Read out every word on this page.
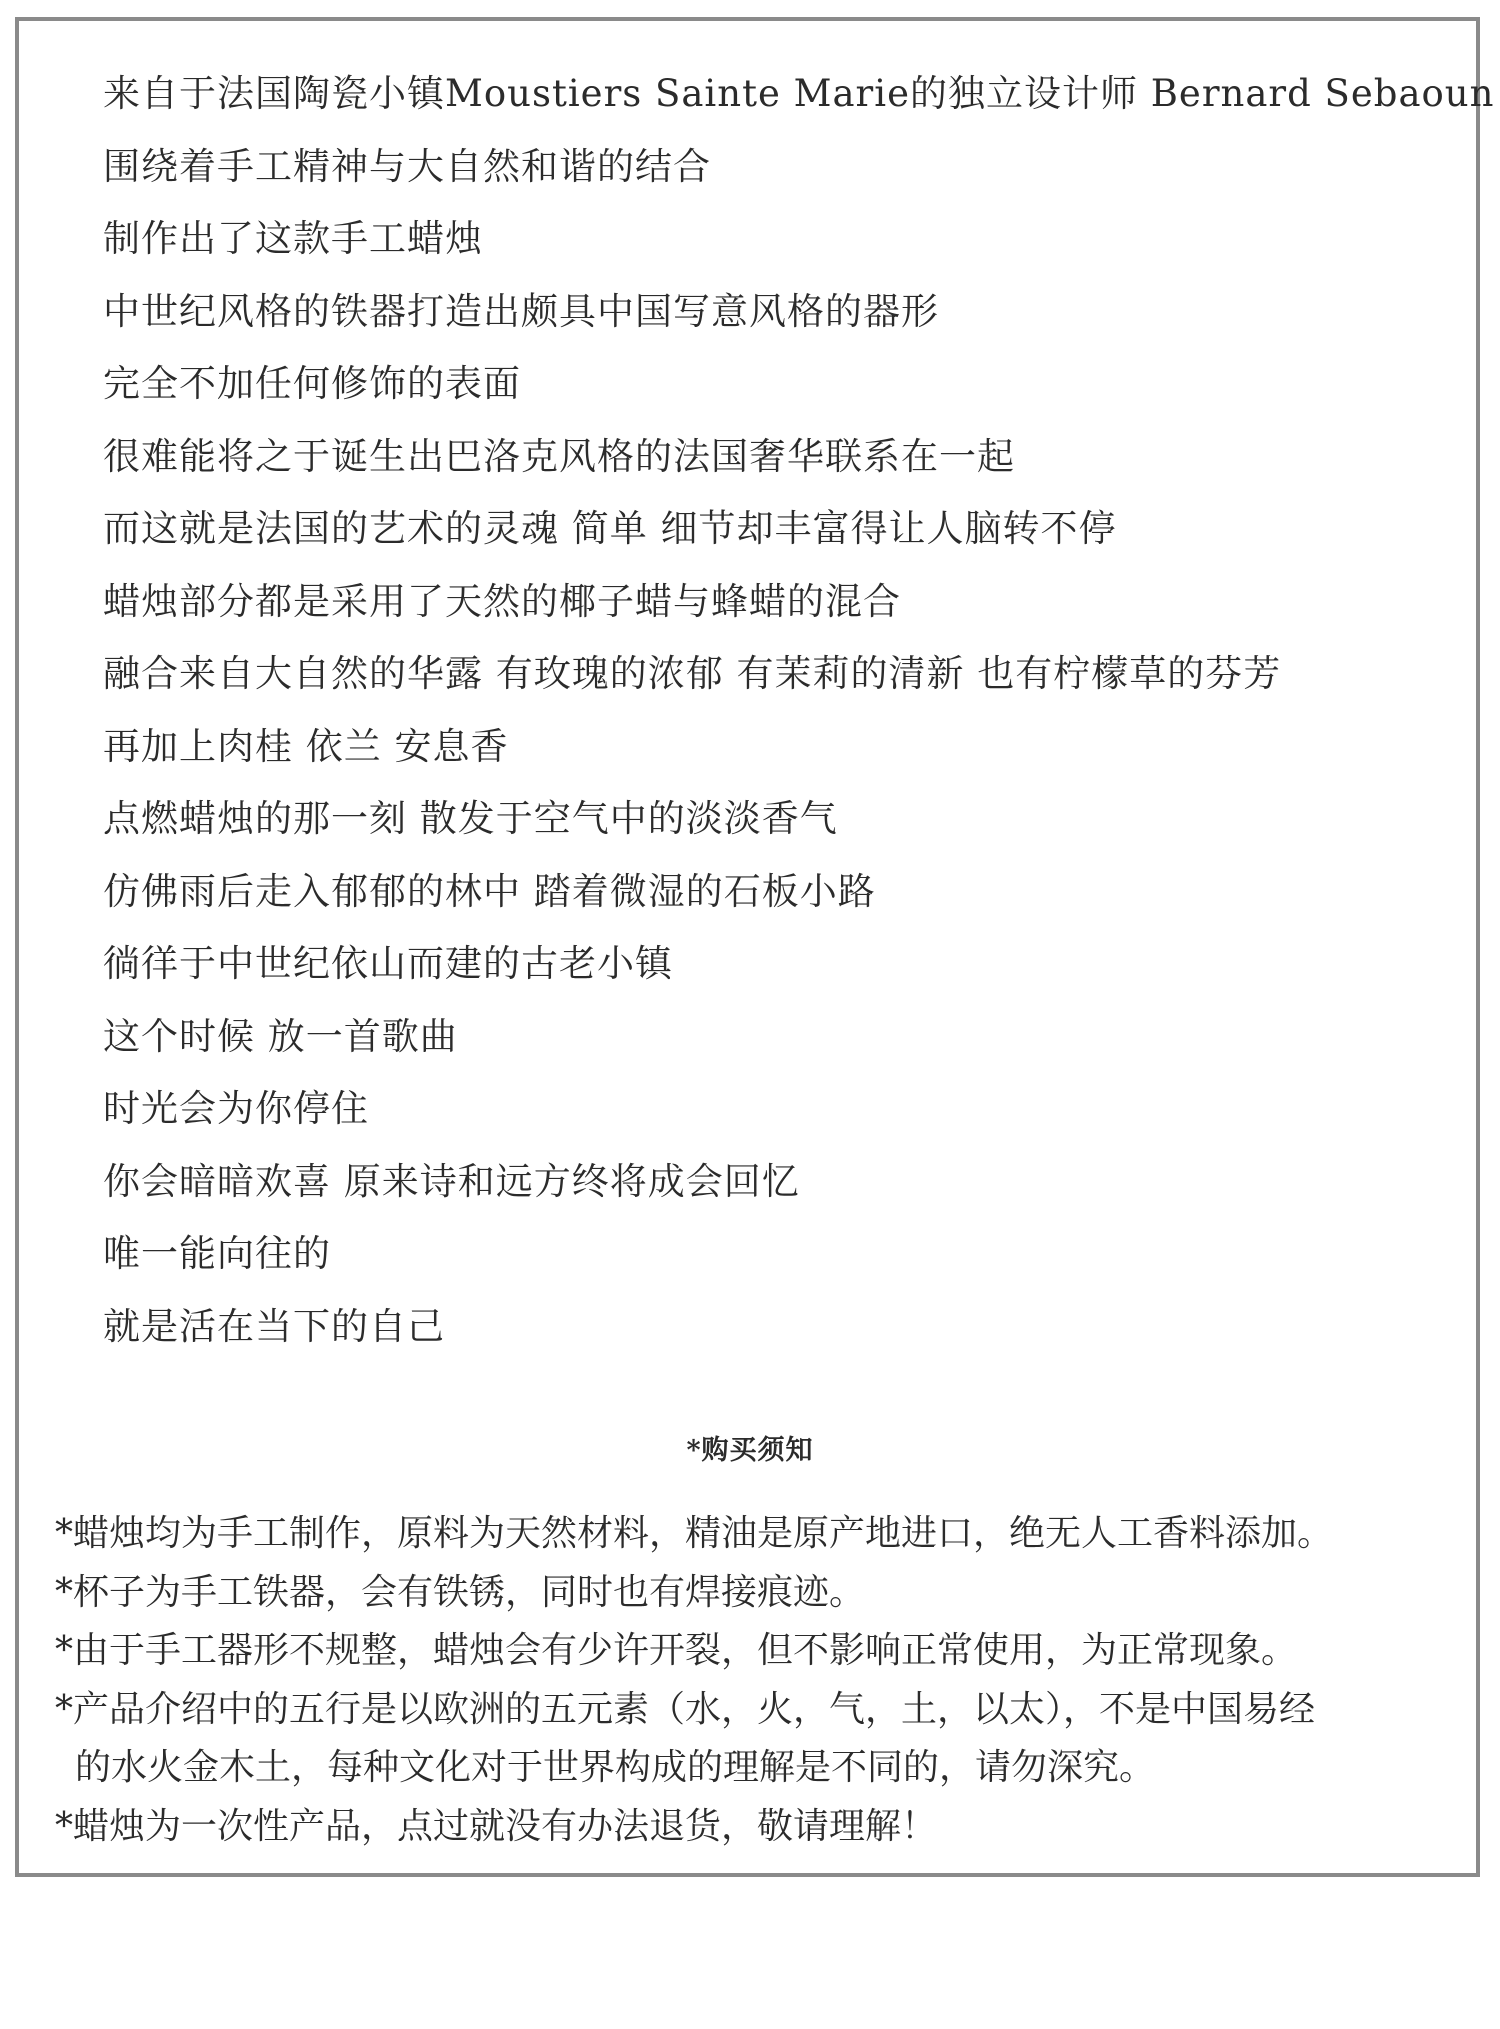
来自于法国陶瓷小镇Moustiers Sainte Marie的独立设计师 Bernard Sebaoun
围绕着手工精神与大自然和谐的结合
制作出了这款手工蜡烛
中世纪风格的铁器打造出颇具中国写意风格的器形
完全不加任何修饰的表面
很难能将之于诞生出巴洛克风格的法国奢华联系在一起
而这就是法国的艺术的灵魂 简单 细节却丰富得让人脑转不停
蜡烛部分都是采用了天然的椰子蜡与蜂蜡的混合
融合来自大自然的华露 有玫瑰的浓郁 有茉莉的清新 也有柠檬草的芬芳
再加上肉桂 依兰 安息香
点燃蜡烛的那一刻 散发于空气中的淡淡香气
仿佛雨后走入郁郁的林中 踏着微湿的石板小路
徜徉于中世纪依山而建的古老小镇
这个时候 放一首歌曲
时光会为你停住
你会暗暗欢喜 原来诗和远方终将成会回忆
唯一能向往的
就是活在当下的自己
*购买须知
*蜡烛均为手工制作，原料为天然材料，精油是原产地进口，绝无人工香料添加。
*杯子为手工铁器，会有铁锈，同时也有焊接痕迹。
*由于手工器形不规整，蜡烛会有少许开裂，但不影响正常使用，为正常现象。
*产品介绍中的五行是以欧洲的五元素（水，火，气，土，以太），不是中国易经
的水火金木土，每种文化对于世界构成的理解是不同的，请勿深究。
*蜡烛为一次性产品，点过就没有办法退货，敬请理解！
